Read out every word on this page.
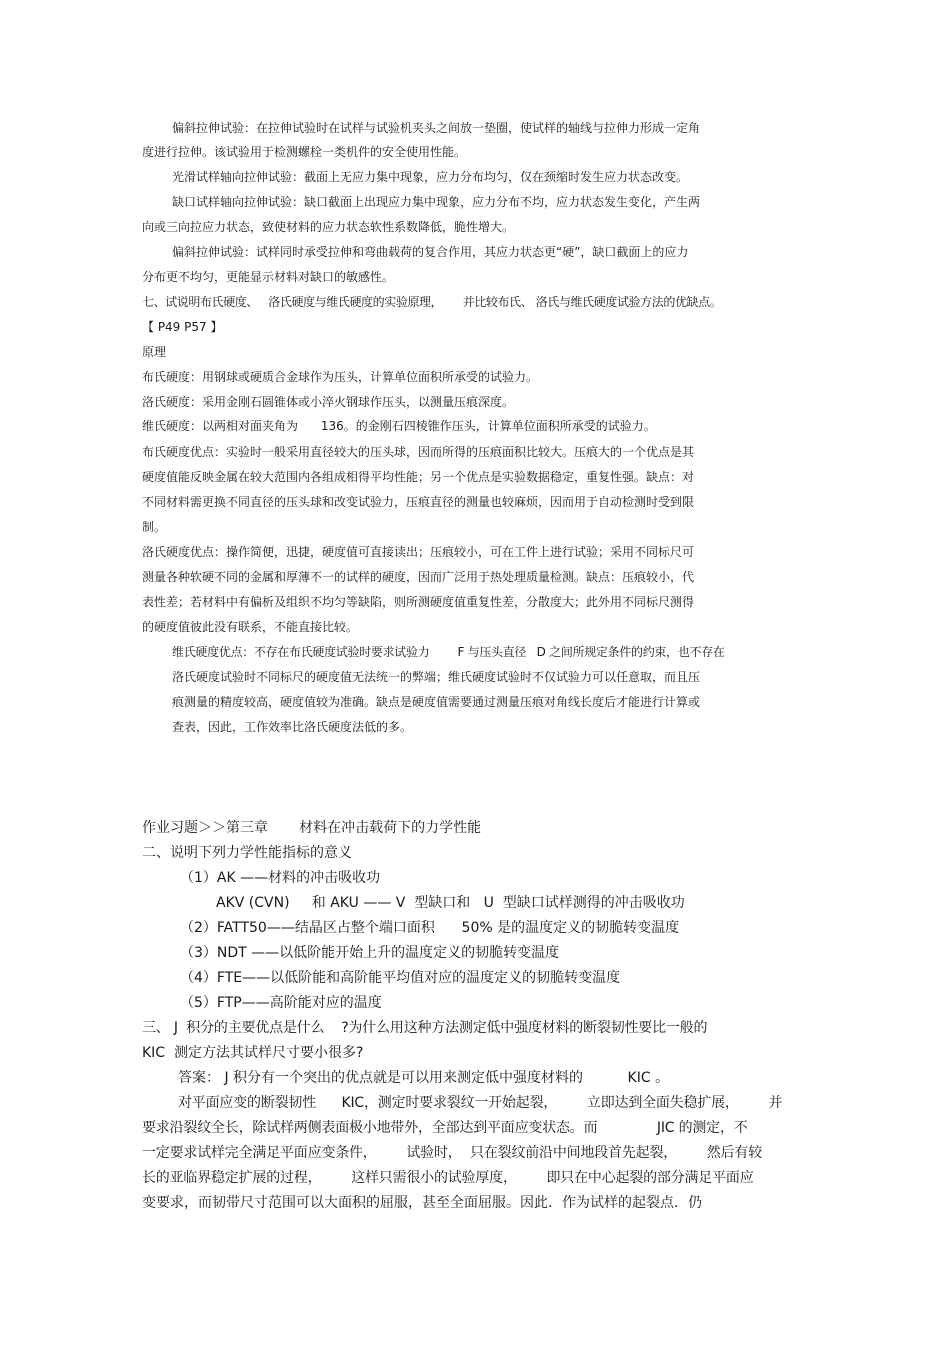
偏斜拉伸试验：在拉伸试验时在试样与试验机夹头之间放一垫圈，使试样的轴线与拉伸力形成一定角
度进行拉伸。该试验用于检测螺栓一类机件的安全使用性能。
光滑试样轴向拉伸试验：截面上无应力集中现象，应力分布均匀，仅在颈缩时发生应力状态改变。
缺口试样轴向拉伸试验：缺口截面上出现应力集中现象，应力分布不均，应力状态发生变化，产生两
向或三向拉应力状态，致使材料的应力状态软性系数降低，脆性增大。
偏斜拉伸试验：试样同时承受拉伸和弯曲载荷的复合作用，其应力状态更“硬”，缺口截面上的应力
分布更不均匀，更能显示材料对缺口的敏感性。
七、试说明布氏硬度、   洛氏硬度与维氏硬度的实验原理，      并比较布氏、 洛氏与维氏硬度试验方法的优缺点。
【 P49 P57 】
原理
布氏硬度：用钢球或硬质合金球作为压头，计算单位面积所承受的试验力。
洛氏硬度：采用金刚石圆锥体或小淬火钢球作压头，以测量压痕深度。
维氏硬度：以两相对面夹角为      136。的金刚石四棱锥作压头，计算单位面积所承受的试验力。
布氏硬度优点：实验时一般采用直径较大的压头球，因而所得的压痕面积比较大。压痕大的一个优点是其
硬度值能反映金属在较大范围内各组成相得平均性能；另一个优点是实验数据稳定，重复性强。缺点：对
不同材料需更换不同直径的压头球和改变试验力，压痕直径的测量也较麻烦，因而用于自动检测时受到限
制。
洛氏硬度优点：操作简便，迅捷，硬度值可直接读出；压痕较小，可在工件上进行试验；采用不同标尺可
测量各种软硬不同的金属和厚薄不一的试样的硬度，因而广泛用于热处理质量检测。缺点：压痕较小，代
表性差；若材料中有偏析及组织不均匀等缺陷，则所测硬度值重复性差，分散度大；此外用不同标尺测得
的硬度值彼此没有联系，不能直接比较。
维氏硬度优点：不存在布氏硬度试验时要求试验力        F 与压头直径   D 之间所规定条件的约束，也不存在
洛氏硬度试验时不同标尺的硬度值无法统一的弊端；维氏硬度试验时不仅试验力可以任意取，而且压
痕测量的精度较高，硬度值较为准确。缺点是硬度值需要通过测量压痕对角线长度后才能进行计算或
查表，因此，工作效率比洛氏硬度法低的多。
作业习题＞＞第三章       材料在冲击载荷下的力学性能
二、说明下列力学性能指标的意义
（1）AK ——材料的冲击吸收功
AKV (CVN)     和 AKU —— V  型缺口和   U  型缺口试样测得的冲击吸收功
（2）FATT50——结晶区占整个端口面积      50% 是的温度定义的韧脆转变温度
（3）NDT ——以低阶能开始上升的温度定义的韧脆转变温度
（4）FTE——以低阶能和高阶能平均值对应的温度定义的韧脆转变温度
（5）FTP——高阶能对应的温度
三、 J  积分的主要优点是什么    ?为什么用这种方法测定低中强度材料的断裂韧性要比一般的
KIC  测定方法其试样尺寸要小很多?
答案： J 积分有一个突出的优点就是可以用来测定低中强度材料的          KIC 。
对平面应变的断裂韧性      KIC，测定时要求裂纹一开始起裂，       立即达到全面失稳扩展，       并
要求沿裂纹全长，除试样两侧表面极小地带外，全部达到平面应变状态。而              JIC 的测定，不
一定要求试样完全满足平面应变条件，       试验时，  只在裂纹前沿中间地段首先起裂，       然后有较
长的亚临界稳定扩展的过程，       这样只需很小的试验厚度，       即只在中心起裂的部分满足平面应
变要求，而韧带尺寸范围可以大面积的屈服，甚至全面屈服。因此．作为试样的起裂点．仍
